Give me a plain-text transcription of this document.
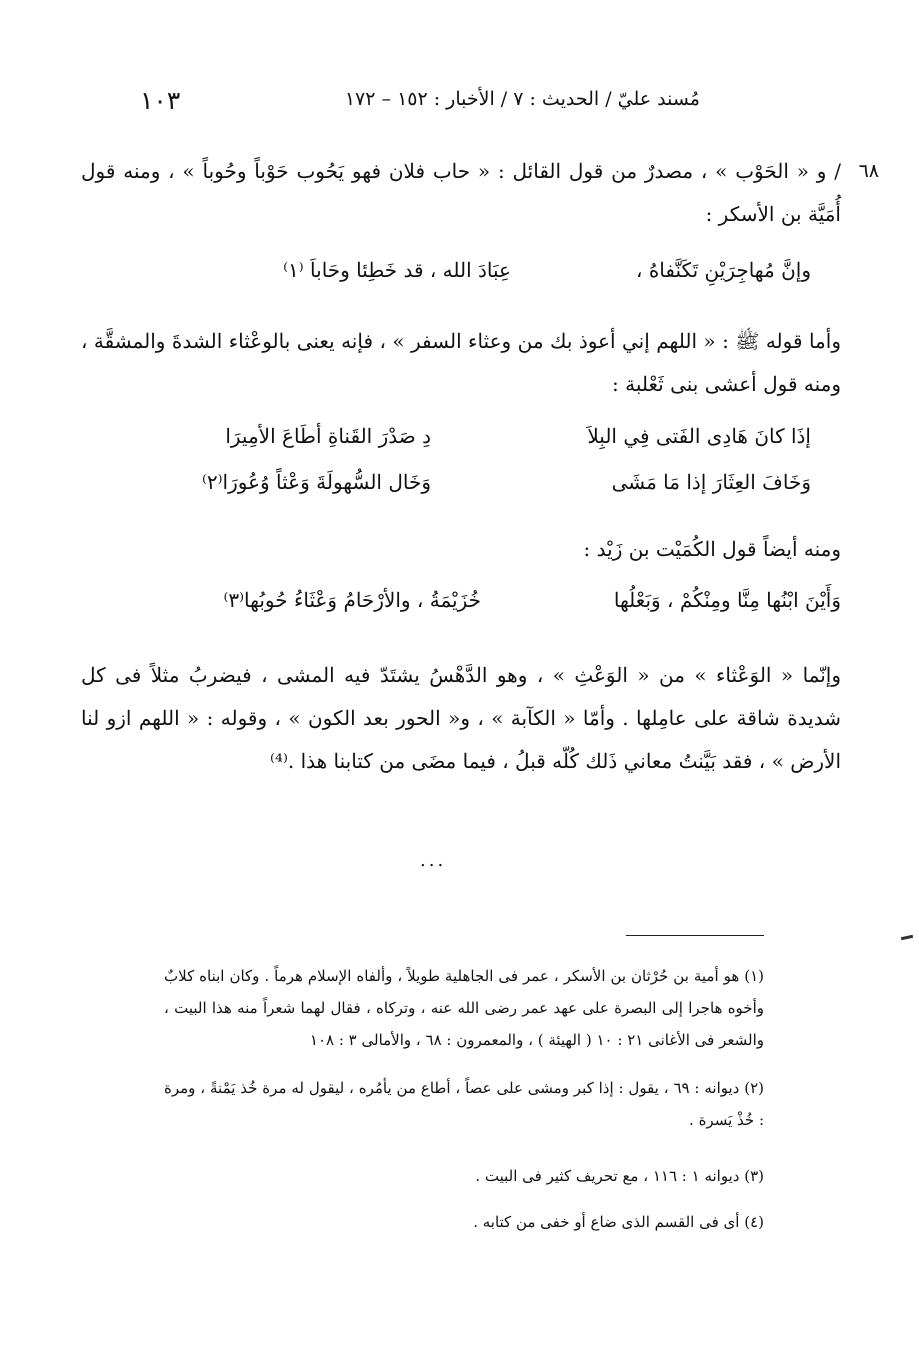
١٠٣	مُسند عليّ / الحديث : ٧ / الأخبار : ١٥٢ – ١٧٢
٦٨
/ و « الحَوْب » ، مصدرٌ من قول القائل : « حاب فلان فهو يَحُوب حَوْباً وحُوباً » ، ومنه قول أُمَيَّة بن الأسكر :
وإنَّ مُهاجِرَيْنِ تَكَنَّفاهُ ،
عِبَادَ الله ، قد خَطِئا وحَاباَ ⁽١⁾
وأما قوله ﷺ : « اللهم إني أعوذ بك من وعثاء السفر » ، فإنه يعنى بالوعْثاء الشدةَ والمشقَّة ، ومنه قول أعشى بنى ثَعْلبة :
إذَا كانَ هَادِى الفَتى فِي البِلاَ
دِ صَدْرَ القَناةِ أطَاعَ الأمِيرَا
وَخَافَ العِثَارَ إذا مَا مَشَى
وَخَال السُّهولَةَ وَعْثاً وُعُورَا⁽٢⁾
ومنه أيضاً قول الكُمَيْت بن زَيْد :
وَأَيْنَ ابْنُها مِنَّا ومِنْكُمْ ، وَبَعْلُها
خُزَيْمَةُ ، والأرْحَامُ وَعْثَاءُ حُوبُها⁽٣⁾
وإنّما « الوَعْثاء » من « الوَعْثِ » ، وهو الدَّهْسُ يشتَدّ فيه المشى ، فيضربُ مثلاً فى كل شديدة شاقة على عامِلها . وأمّا « الكآبة » ، و« الحور بعد الكون » ، وقوله : « اللهم ازو لنا الأرض » ، فقد بَيَّنتُ معاني ذَلك كُلّه قبلُ ، فيما مضَى من كتابنا هذا .⁽⁴⁾
...
(١) هو أمية بن حُرْثان بن الأسكر ، عمر فى الجاهلية طويلاً ، وألفاه الإسلام هرماً . وكان ابناه كلابٌ وأخوه هاجرا إلى البصرة على عهد عمر رضى الله عنه ، وتركاه ، فقال لهما شعراً منه هذا البيت ، والشعر فى الأغانى ٢١ : ١٠ ( الهيئة ) ، والمعمرون : ٦٨ ، والأمالى ٣ : ١٠٨
(٢) ديوانه : ٦٩ ، يقول : إذا كبر ومشى على عصاً ، أطاع من يأمُره ، ليقول له مرة خُذ يَمْنةً ، ومرة : خُذْ يَسرة .
(٣) ديوانه ١ : ١١٦ ، مع تحريف كثير فى البيت .
(٤) أى فى القسم الذى ضاع أو خفى من كتابه .
